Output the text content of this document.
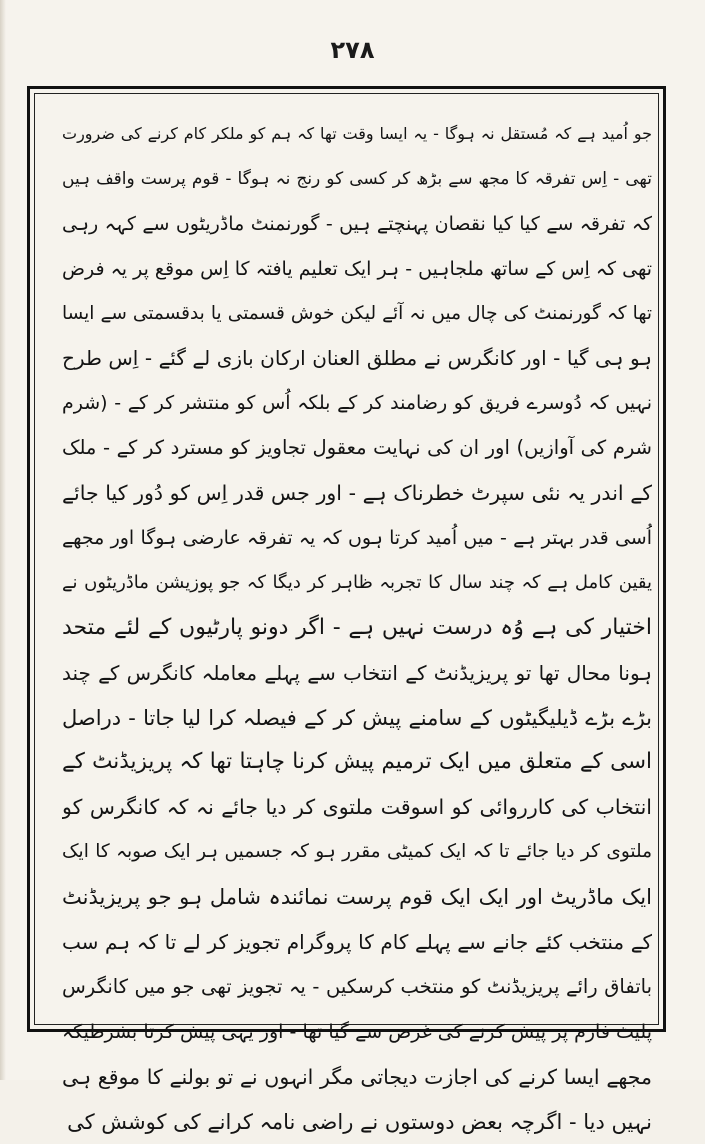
۲۷۸
جو اُمید ہے کہ مُستقل نہ ہوگا - یہ ایسا وقت تھا کہ ہم کو ملکر کام کرنے کی ضرورت
تھی - اِس تفرقہ کا مجھ سے بڑھ کر کسی کو رنج نہ ہوگا - قوم پرست واقف ہیں
کہ تفرقہ سے کیا کیا نقصان پہنچتے ہیں - گورنمنٹ ماڈریٹوں سے کہہ رہی
تھی کہ اِس کے ساتھ ملجاہیں - ہر ایک تعلیم یافتہ کا اِس موقع پر یہ فرض
تھا کہ گورنمنٹ کی چال میں نہ آئے لیکن خوش قسمتی یا بدقسمتی سے ایسا
ہو ہی گیا - اور کانگرس نے مطلق العنان ارکان بازی لے گئے - اِس طرح
نہیں کہ دُوسرے فریق کو رضامند کر کے بلکہ اُس کو منتشر کر کے - (شرم
شرم کی آوازیں) اور ان کی نہایت معقول تجاویز کو مسترد کر کے - ملک
کے اندر یہ نئی سپرٹ خطرناک ہے - اور جس قدر اِس کو دُور کیا جائے
اُسی قدر بہتر ہے - میں اُمید کرتا ہوں کہ یہ تفرقہ عارضی ہوگا اور مجھے
یقین کامل ہے کہ چند سال کا تجربہ ظاہر کر دیگا کہ جو پوزیشن ماڈریٹوں نے
اختیار کی ہے وُہ درست نہیں ہے - اگر دونو پارٹیوں کے لئے متحد
ہونا محال تھا تو پریزیڈنٹ کے انتخاب سے پہلے معاملہ کانگرس کے چند
بڑے بڑے ڈیلیگیٹوں کے سامنے پیش کر کے فیصلہ کرا لیا جاتا - دراصل
اسی کے متعلق میں ایک ترمیم پیش کرنا چاہتا تھا کہ پریزیڈنٹ کے
انتخاب کی کارروائی کو اسوقت ملتوی کر دیا جائے نہ کہ کانگرس کو
ملتوی کر دیا جائے تا کہ ایک کمیٹی مقرر ہو کہ جسمیں ہر ایک صوبہ کا ایک
ایک ماڈریٹ اور ایک ایک قوم پرست نمائندہ شامل ہو جو پریزیڈنٹ
کے منتخب کئے جانے سے پہلے کام کا پروگرام تجویز کر لے تا کہ ہم سب
باتفاق رائے پریزیڈنٹ کو منتخب کرسکیں - یہ تجویز تھی جو میں کانگرس
پلیٹ فارم پر پیش کرنے کی غرض سے گیا تھا - اور یہی پیش کرتا بشرطیکہ
مجھے ایسا کرنے کی اجازت دیجاتی مگر انہوں نے تو بولنے کا موقع ہی
نہیں دیا - اگرچہ بعض دوستوں نے راضی نامہ کرانے کی کوشش کی
